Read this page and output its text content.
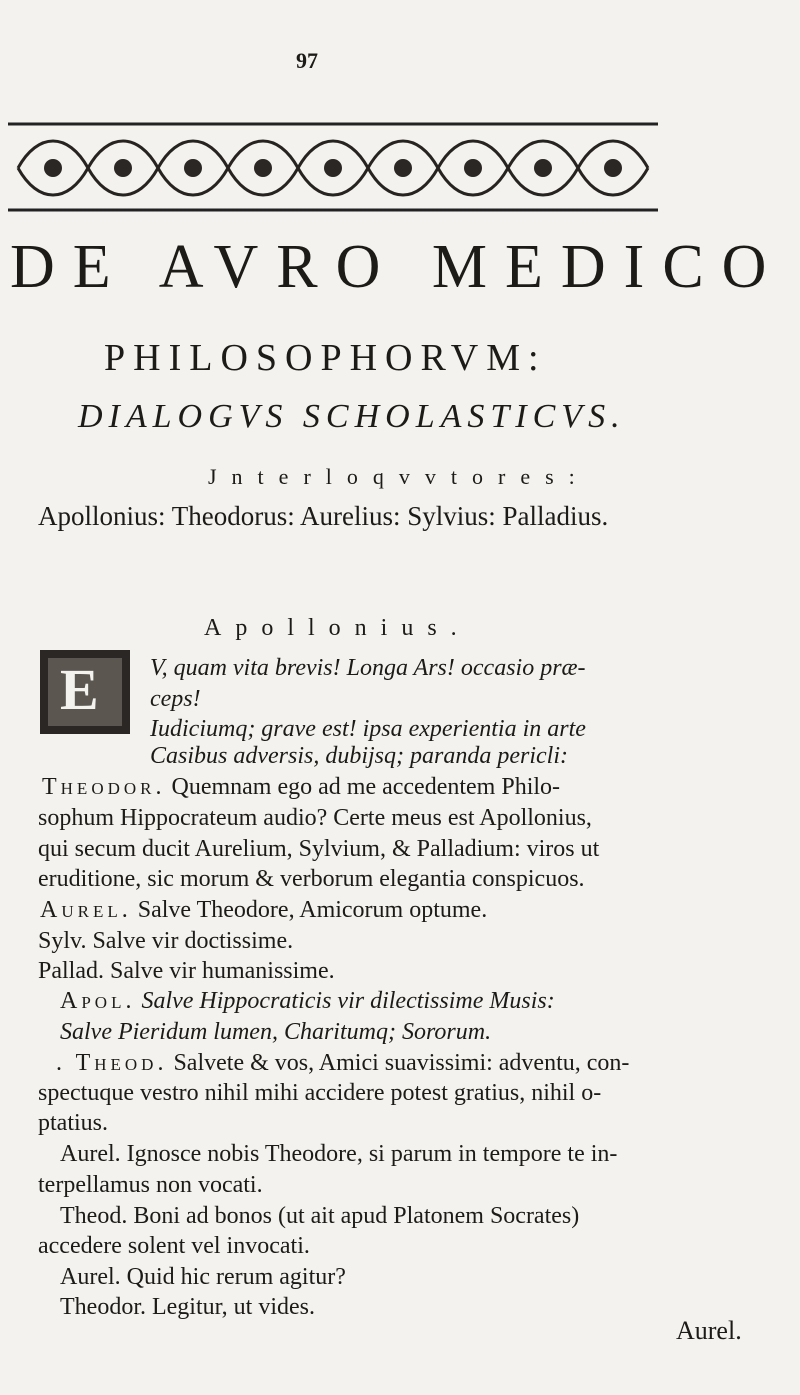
97
DE AVRO MEDICO
PHILOSOPHORVM:
DIALOGVS SCHOLASTICVS.
Jnterloqvvtores:
Apollonius: Theodorus: Aurelius: Sylvius: Palladius.
Apollonius.
E V, quam vita brevis! Longa Ars! occasio præ-
ceps!
Iudiciumq; grave est! ipsa experientia in arte
Casibus adversis, dubijsq; paranda pericli:
Theodor. Quemnam ego ad me accedentem Philo-
sophum Hippocrateum audio? Certe meus est Apollonius,
qui secum ducit Aurelium, Sylvium, & Palladium: viros ut
eruditione, sic morum & verborum elegantia conspicuos.
Aurel. Salve Theodore, Amicorum optume.
Sylv. Salve vir doctissime.
Pallad. Salve vir humanissime.
Apol. Salve Hippocraticis vir dilectissime Musis:
Salve Pieridum lumen, Charitumq; Sororum.
. Theod. Salvete & vos, Amici suavissimi: adventu, con-
spectuque vestro nihil mihi accidere potest gratius, nihil o-
ptatius.
Aurel. Ignosce nobis Theodore, si parum in tempore te in-
terpellamus non vocati.
Theod. Boni ad bonos (ut ait apud Platonem Socrates)
accedere solent vel invocati.
Aurel. Quid hic rerum agitur?
Theodor. Legitur, ut vides.
Aurel.
